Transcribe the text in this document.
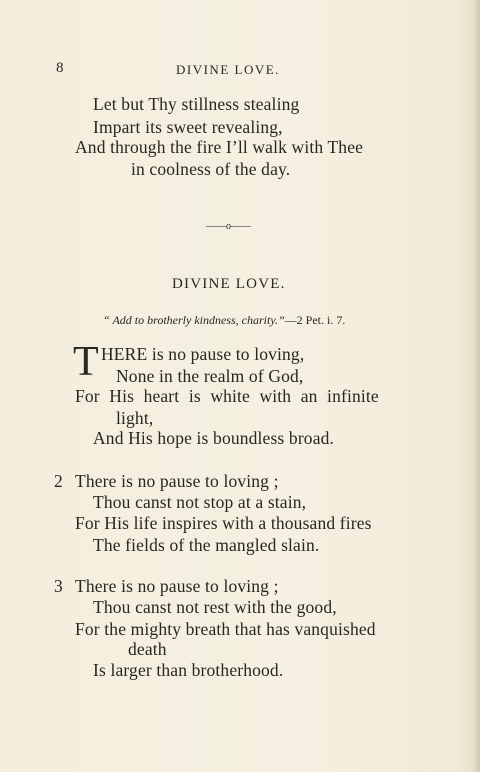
8	DIVINE LOVE.
Let but Thy stillness stealing
Impart its sweet revealing,
And through the fire I’ll walk with Thee
in coolness of the day.
——o——
DIVINE LOVE.
“ Add to brotherly kindness, charity.”—2 Pet. i. 7.
T HERE is no pause to loving,
None in the realm of God,
For His heart is white with an infinite
light,
And His hope is boundless broad.
2 There is no pause to loving ;
Thou canst not stop at a stain,
For His life inspires with a thousand fires
The fields of the mangled slain.
3 There is no pause to loving ;
Thou canst not rest with the good,
For the mighty breath that has vanquished
death
Is larger than brotherhood.
